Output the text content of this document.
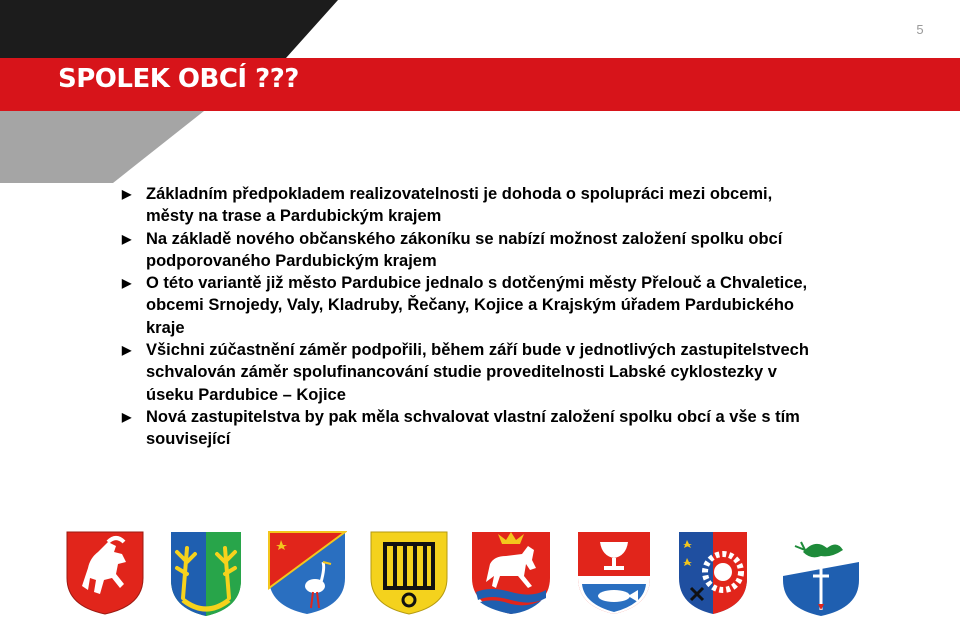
5
SPOLEK OBCÍ ???
▶ Základním předpokladem realizovatelnosti je dohoda o spolupráci mezi obcemi, městy na trase a Pardubickým krajem
▶ Na základě nového občanského zákoníku se nabízí možnost založení spolku obcí podporovaného Pardubickým krajem
▶ O této variantě již město Pardubice jednalo s dotčenými městy Přelouč a Chvaletice, obcemi Srnojedy, Valy, Kladruby, Řečany, Kojice a Krajským úřadem Pardubického kraje
▶ Všichni zúčastnění záměr podpořili, během září bude v jednotlivých zastupitelstvech schvalován záměr spolufinancování studie proveditelnosti Labské cyklostezky v úseku Pardubice – Kojice
▶ Nová zastupitelstva by pak měla schvalovat vlastní založení spolku obcí a vše s tím související
